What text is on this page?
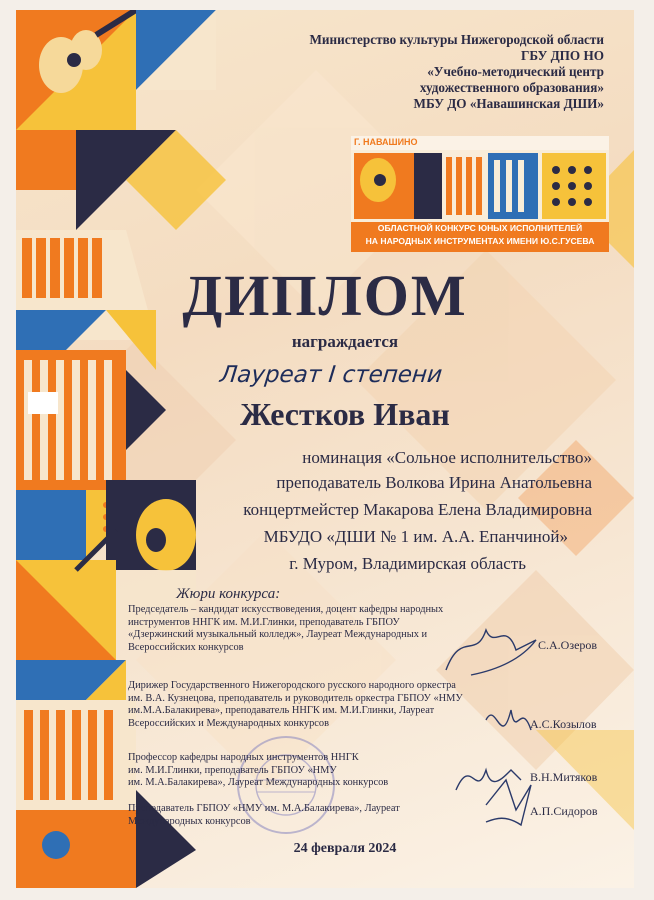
Министерство культуры Нижегородской области
ГБУ ДПО НО
«Учебно-методический центр
художественного образования»
МБУ ДО «Навашинская ДШИ»
Г. НАВАШИНО
ОБЛАСТНОЙ КОНКУРС ЮНЫХ ИСПОЛНИТЕЛЕЙ
НА НАРОДНЫХ ИНСТРУМЕНТАХ ИМЕНИ Ю.С.ГУСЕВА
ДИПЛОМ
награждается
Лауреат I степени
Жестков Иван
номинация «Сольное исполнительство»
преподаватель Волкова Ирина Анатольевна
концертмейстер Макарова Елена Владимировна
МБУДО «ДШИ № 1 им. А.А. Епанчиной»
г. Муром, Владимирская область
Жюри конкурса:
Председатель – кандидат искусствоведения, доцент кафедры народных
инструментов ННГК им. М.И.Глинки, преподаватель ГБПОУ
«Дзержинский музыкальный колледж», Лауреат Международных и
Всероссийских конкурсов	С.А.Озеров
Дирижер Государственного Нижегородского русского народного оркестра
им. В.А. Кузнецова, преподаватель и руководитель оркестра ГБПОУ «НМУ
им.М.А.Балакирева», преподаватель ННГК им. М.И.Глинки, Лауреат
Всероссийских и Международных конкурсов	А.С.Козылов
Профессор кафедры народных инструментов ННГК
им. М.И.Глинки, преподаватель ГБПОУ «НМУ
им. М.А.Балакирева», Лауреат Международных конкурсов	В.Н.Митяков
Преподаватель ГБПОУ «НМУ им. М.А.Балакирева», Лауреат
Международных конкурсов
А.П.Сидоров
24 февраля 2024
